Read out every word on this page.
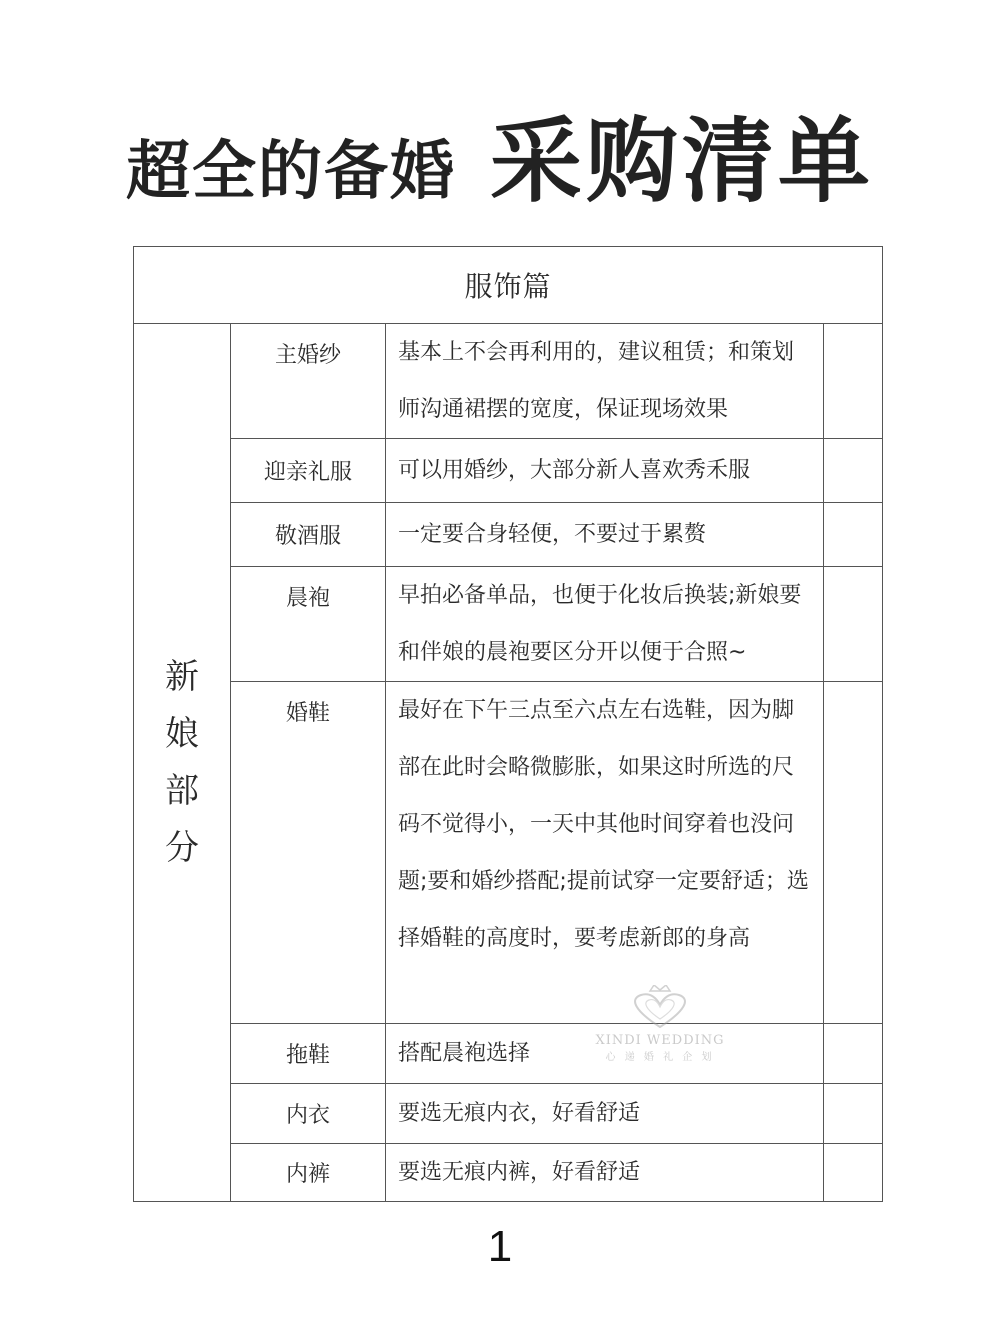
超全的备婚 采购清单
服饰篇			

新
娘
部
分	主婚纱	基本上不会再利用的，建议租赁；和策划师沟通裙摆的宽度，保证现场效果	
	迎亲礼服	可以用婚纱，大部分新人喜欢秀禾服	
	敬酒服	一定要合身轻便，不要过于累赘	
	晨袍	早拍必备单品，也便于化妆后换装;新娘要和伴娘的晨袍要区分开以便于合照~	
	婚鞋	最好在下午三点至六点左右选鞋，因为脚部在此时会略微膨胀，如果这时所选的尺码不觉得小，一天中其他时间穿着也没问题;要和婚纱搭配;提前试穿一定要舒适；选择婚鞋的高度时，要考虑新郎的身高	
	拖鞋	搭配晨袍选择	
	内衣	要选无痕内衣，好看舒适	
	内裤	要选无痕内裤，好看舒适	
XINDI WEDDING
心 递 婚 礼 企 划
1
